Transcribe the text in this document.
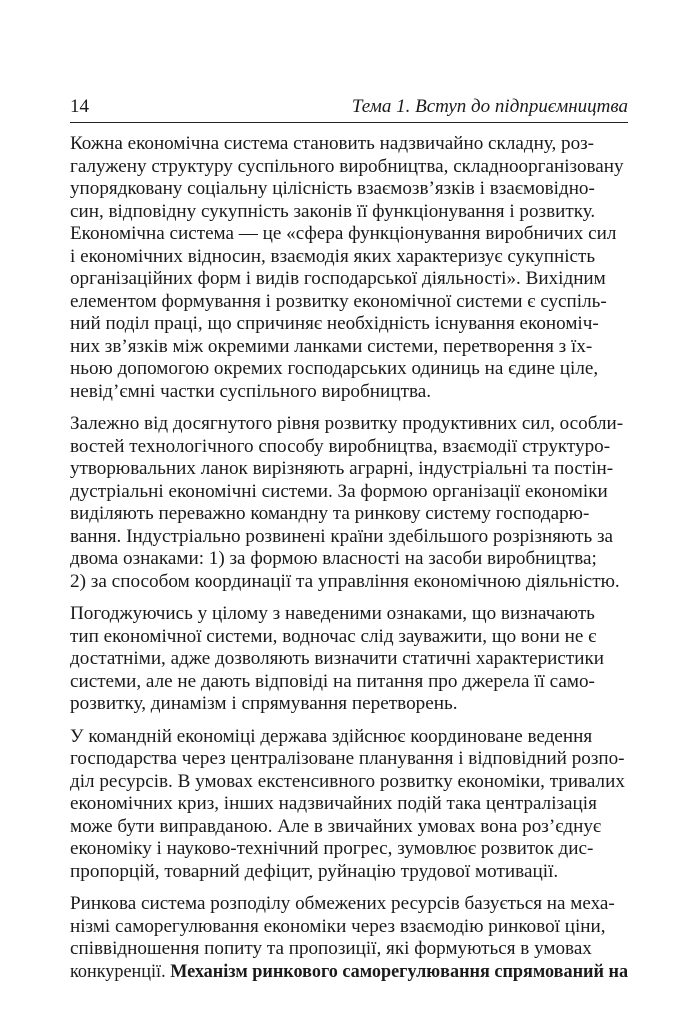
14	Тема 1. Вступ до підприємництва
Кожна економічна система становить надзвичайно складну, роз-
галужену структуру суспільного виробництва, складноорганізовану
упорядковану соціальну цілісність взаємозв’язків і взаємовідно-
син, відповідну сукупність законів її функціонування і розвитку.
Економічна система — це «сфера функціонування виробничих сил
і економічних відносин, взаємодія яких характеризує сукупність
організаційних форм і видів господарської діяльності». Вихідним
елементом формування і розвитку економічної системи є суспіль-
ний поділ праці, що спричиняє необхідність існування економіч-
них зв’язків між окремими ланками системи, перетворення з їх-
ньою допомогою окремих господарських одиниць на єдине ціле,
невід’ємні частки суспільного виробництва.
Залежно від досягнутого рівня розвитку продуктивних сил, особли-
востей технологічного способу виробництва, взаємодії структуро-
утворювальних ланок вирізняють аграрні, індустріальні та постін-
дустріальні економічні системи. За формою організації економіки
виділяють переважно командну та ринкову систему господарю-
вання. Індустріально розвинені країни здебільшого розрізняють за
двома ознаками: 1) за формою власності на засоби виробництва;
2) за способом координації та управління економічною діяльністю.
Погоджуючись у цілому з наведеними ознаками, що визначають
тип економічної системи, водночас слід зауважити, що вони не є
достатніми, адже дозволяють визначити статичні характеристики
системи, але не дають відповіді на питання про джерела її само-
розвитку, динамізм і спрямування перетворень.
У командній економіці держава здійснює координоване ведення
господарства через централізоване планування і відповідний розпо-
діл ресурсів. В умовах екстенсивного розвитку економіки, тривалих
економічних криз, інших надзвичайних подій така централізація
може бути виправданою. Але в звичайних умовах вона роз’єднує
економіку і науково-технічний прогрес, зумовлює розвиток дис-
пропорцій, товарний дефіцит, руйнацію трудової мотивації.
Ринкова система розподілу обмежених ресурсів базується на меха-
нізмі саморегулювання економіки через взаємодію ринкової ціни,
співвідношення попиту та пропозиції, які формуються в умовах
конкуренції. Механізм ринкового саморегулювання спрямований на
